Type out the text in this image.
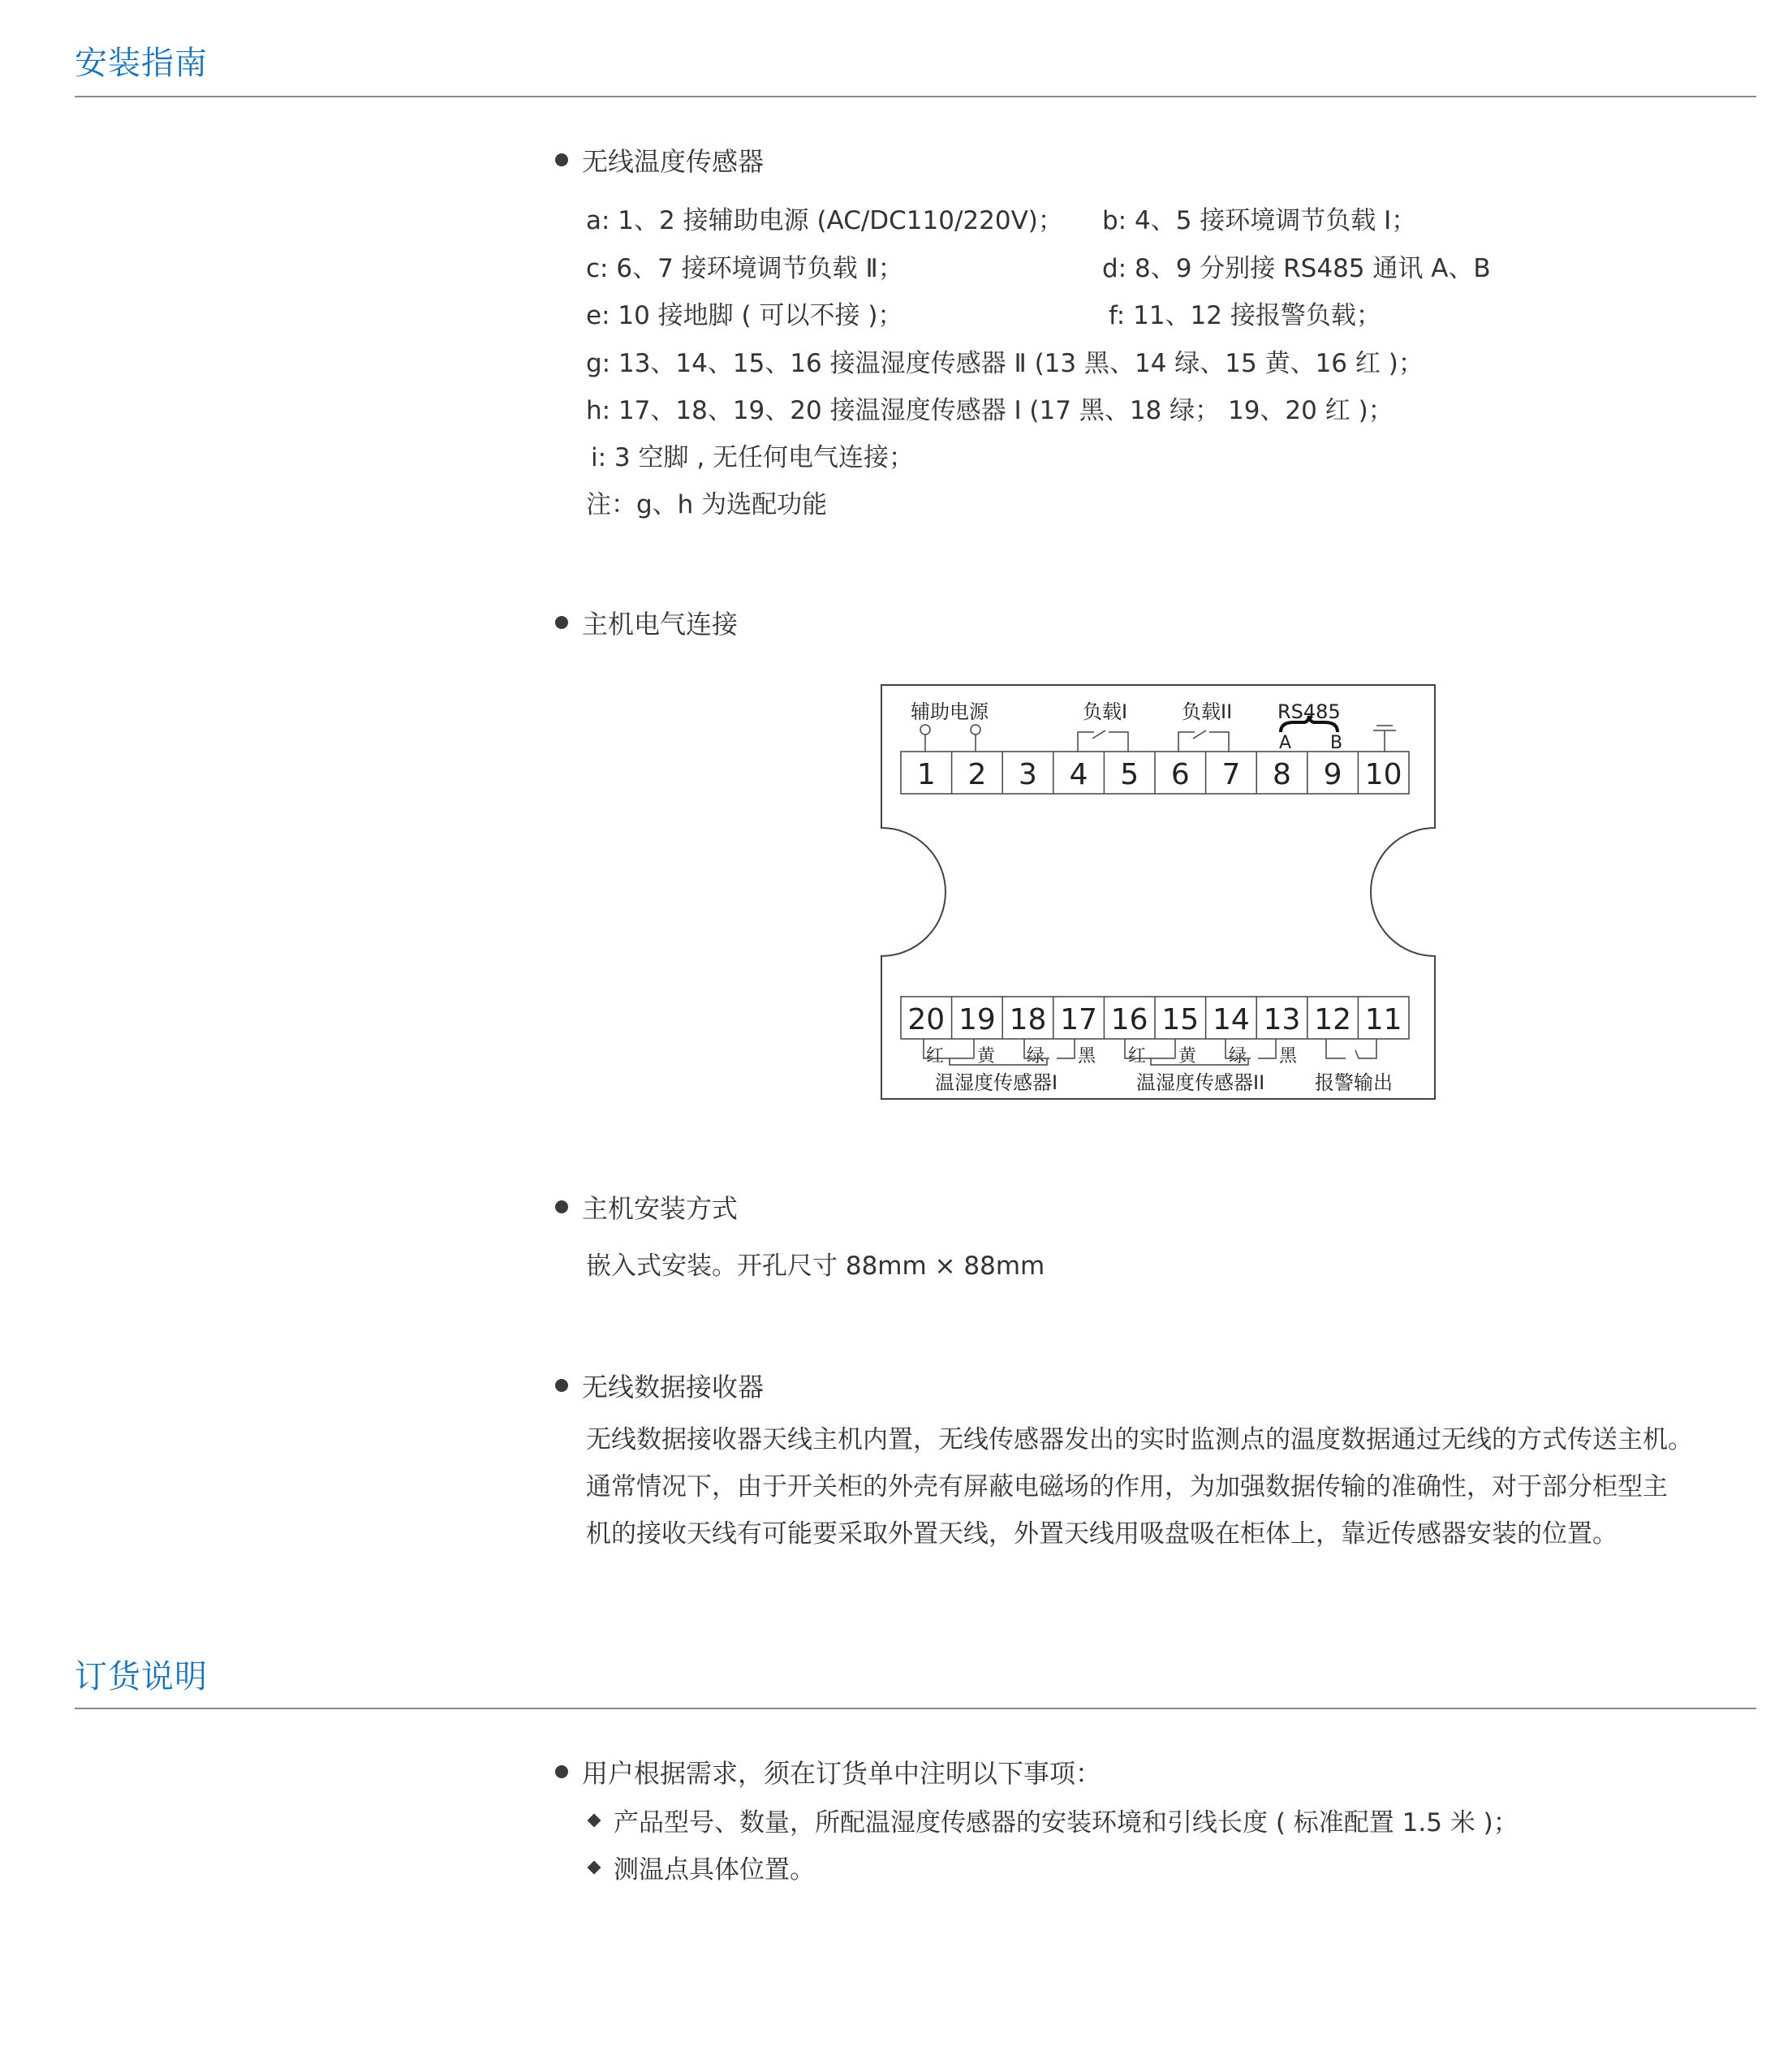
安装指南
无线温度传感器
a: 1、2 接辅助电源 (AC/DC110/220V)； b: 4、5 接环境调节负载 Ⅰ；
c: 6、7 接环境调节负载 Ⅱ；	d: 8、9 分别接 RS485 通讯 A、B
e: 10 接地脚 ( 可以不接 )；	f: 11、12 接报警负载；
g: 13、14、15、16 接温湿度传感器 Ⅱ (13 黑、14 绿、15 黄、16 红 )；
h: 17、18、19、20 接温湿度传感器 Ⅰ (17 黑、18 绿； 19、20 红 )；
i: 3 空脚 , 无任何电气连接；
注：g、h 为选配功能
主机电气连接
辅助电源	负载I	负载II RS485
A B
1 2 3 4 5 6 7 8 9 10
20 19 18 17 16 15 14 13 12 11
红 黄 绿 黑 红 黄 绿 黑
温湿度传感器I	温湿度传感器II	报警输出
主机安装方式
嵌入式安装。开孔尺寸 88mm × 88mm
无线数据接收器

无线数据接收器天线主机内置，无线传感器发出的实时监测点的温度数据通过无线的方式传送主机。

通常情况下，由于开关柜的外壳有屏蔽电磁场的作用，为加强数据传输的准确性，对于部分柜型主

机的接收天线有可能要采取外置天线，外置天线用吸盘吸在柜体上，靠近传感器安装的位置。

订货说明
用户根据需求，须在订货单中注明以下事项：
产品型号、数量，所配温湿度传感器的安装环境和引线长度 ( 标准配置 1.5 米 )；
测温点具体位置。
